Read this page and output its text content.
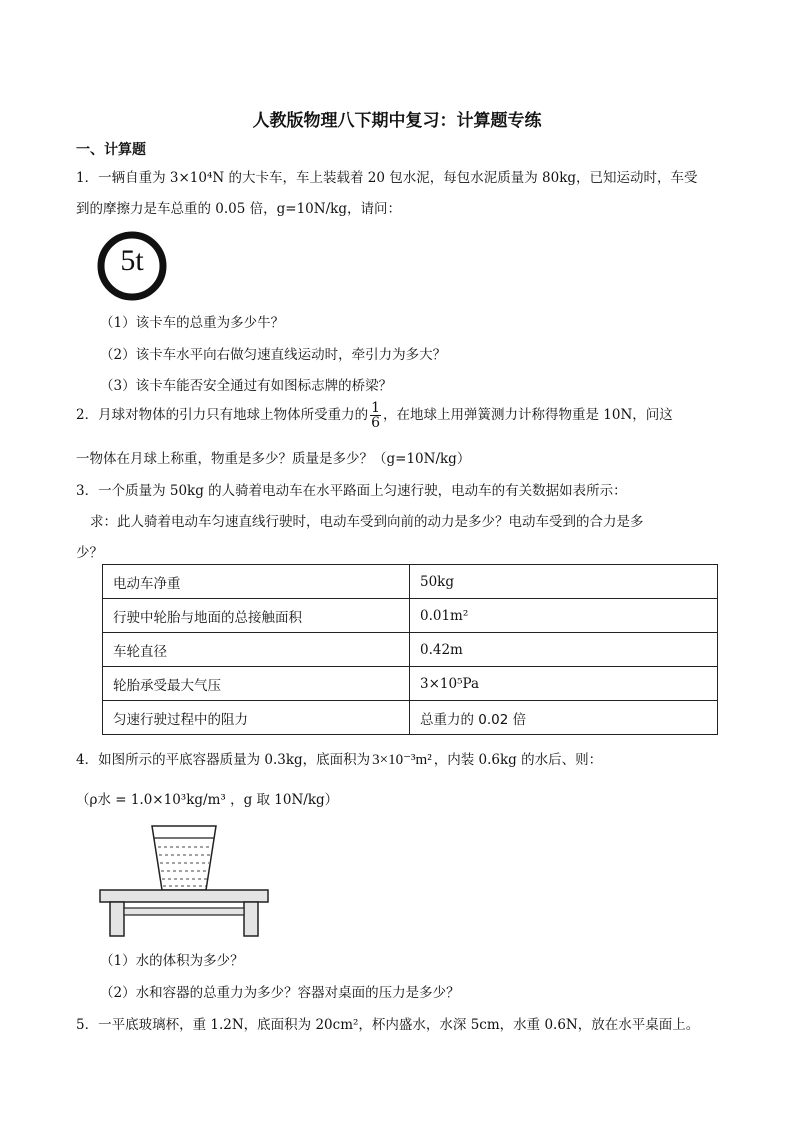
人教版物理八下期中复习：计算题专练
一、计算题
1．一辆自重为 3×10⁴N 的大卡车，车上装载着 20 包水泥，每包水泥质量为 80kg，已知运动时，车受
到的摩擦力是车总重的 0.05 倍，g=10N/kg，请问：
5t
（1）该卡车的总重为多少牛？
（2）该卡车水平向右做匀速直线运动时，牵引力为多大？
（3）该卡车能否安全通过有如图标志牌的桥梁？
2．月球对物体的引力只有地球上物体所受重力的 $\frac{1}{6}$ ，在地球上用弹簧测力计称得物重是 10N，问这
一物体在月球上称重，物重是多少？质量是多少？（g=10N/kg）
3．一个质量为 50kg 的人骑着电动车在水平路面上匀速行驶，电动车的有关数据如表所示：
求：此人骑着电动车匀速直线行驶时，电动车受到向前的动力是多少？电动车受到的合力是多
少？
电动车净重	50kg
行驶中轮胎与地面的总接触面积	0.01m²
车轮直径	0.42m
轮胎承受最大气压	3×10⁵Pa
匀速行驶过程中的阻力	总重力的 0.02 倍
4．如图所示的平底容器质量为 0.3kg，底面积为 3×10⁻³m² ，内装 0.6kg 的水后、则：
（ρ水 = 1.0×10³kg/m³ ，g 取 10N/kg）
（1）水的体积为多少？
（2）水和容器的总重力为多少？容器对桌面的压力是多少？
5．一平底玻璃杯，重 1.2N，底面积为 20cm²，杯内盛水，水深 5cm，水重 0.6N，放在水平桌面上。
